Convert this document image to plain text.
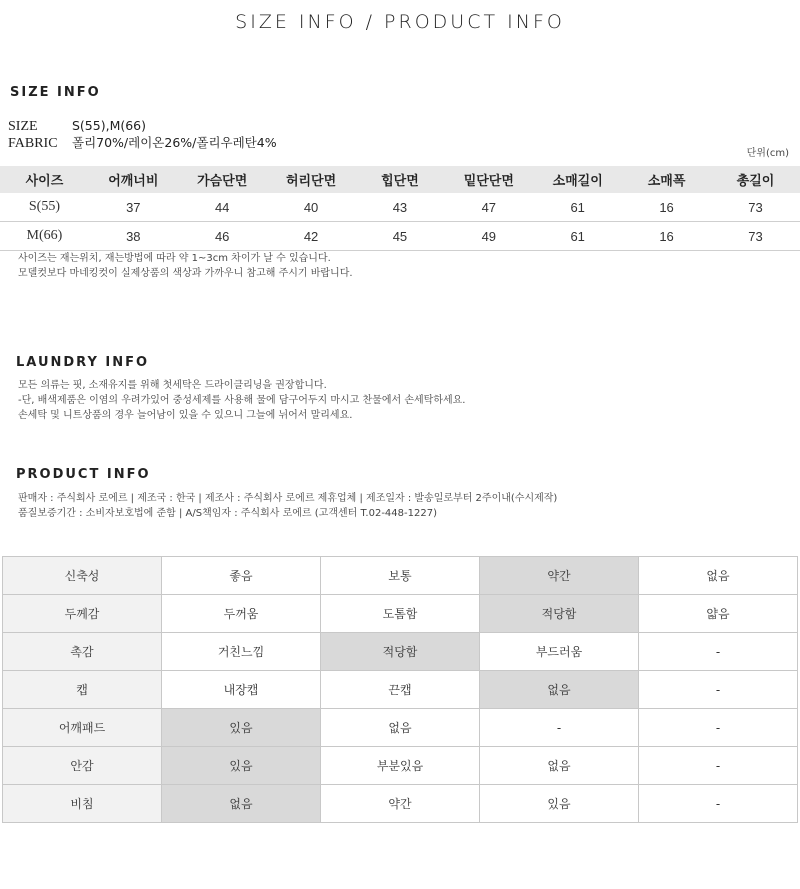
SIZE INFO / PRODUCT INFO
SIZE INFO
SIZE	S(55),M(66)
FABRIC 폴리70%/레이온26%/폴리우레탄4%
단위(cm)
사이즈	어깨너비	가슴단면	허리단면	힙단면	밑단단면	소매길이	소매폭	총길이
S(55)	37	44	40	43	47	61	16	73
M(66)	38	46	42	45	49	61	16	73
사이즈는 재는위치, 재는방법에 따라 약 1~3cm 차이가 날 수 있습니다.
모델컷보다 마네킹컷이 실제상품의 색상과 가까우니 참고해 주시기 바랍니다.
LAUNDRY INFO
모든 의류는 핏, 소재유지를 위해 첫세탁은 드라이클리닝을 권장합니다.
-단, 배색제품은 이염의 우려가있어 중성세제를 사용해 물에 담구어두지 마시고 찬물에서 손세탁하세요.
손세탁 및 니트상품의 경우 늘어남이 있을 수 있으니 그늘에 뉘어서 말리세요.
PRODUCT INFO
판매자 : 주식회사 로에르 | 제조국 : 한국 | 제조사 : 주식회사 로에르 제휴업체 | 제조일자 : 발송일로부터 2주이내(수시제작)
품질보증기간 : 소비자보호법에 준함 | A/S책임자 : 주식회사 로에르 (고객센터 T.02-448-1227)
신축성	좋음	보통	약간	없음
두께감	두꺼움	도톰함	적당함	얇음
촉감	거친느낌	적당함	부드러움	-
캡	내장캡	끈캡	없음	-
어깨패드	있음	없음	-	-
안감	있음	부분있음	없음	-
비침	없음	약간	있음	-
